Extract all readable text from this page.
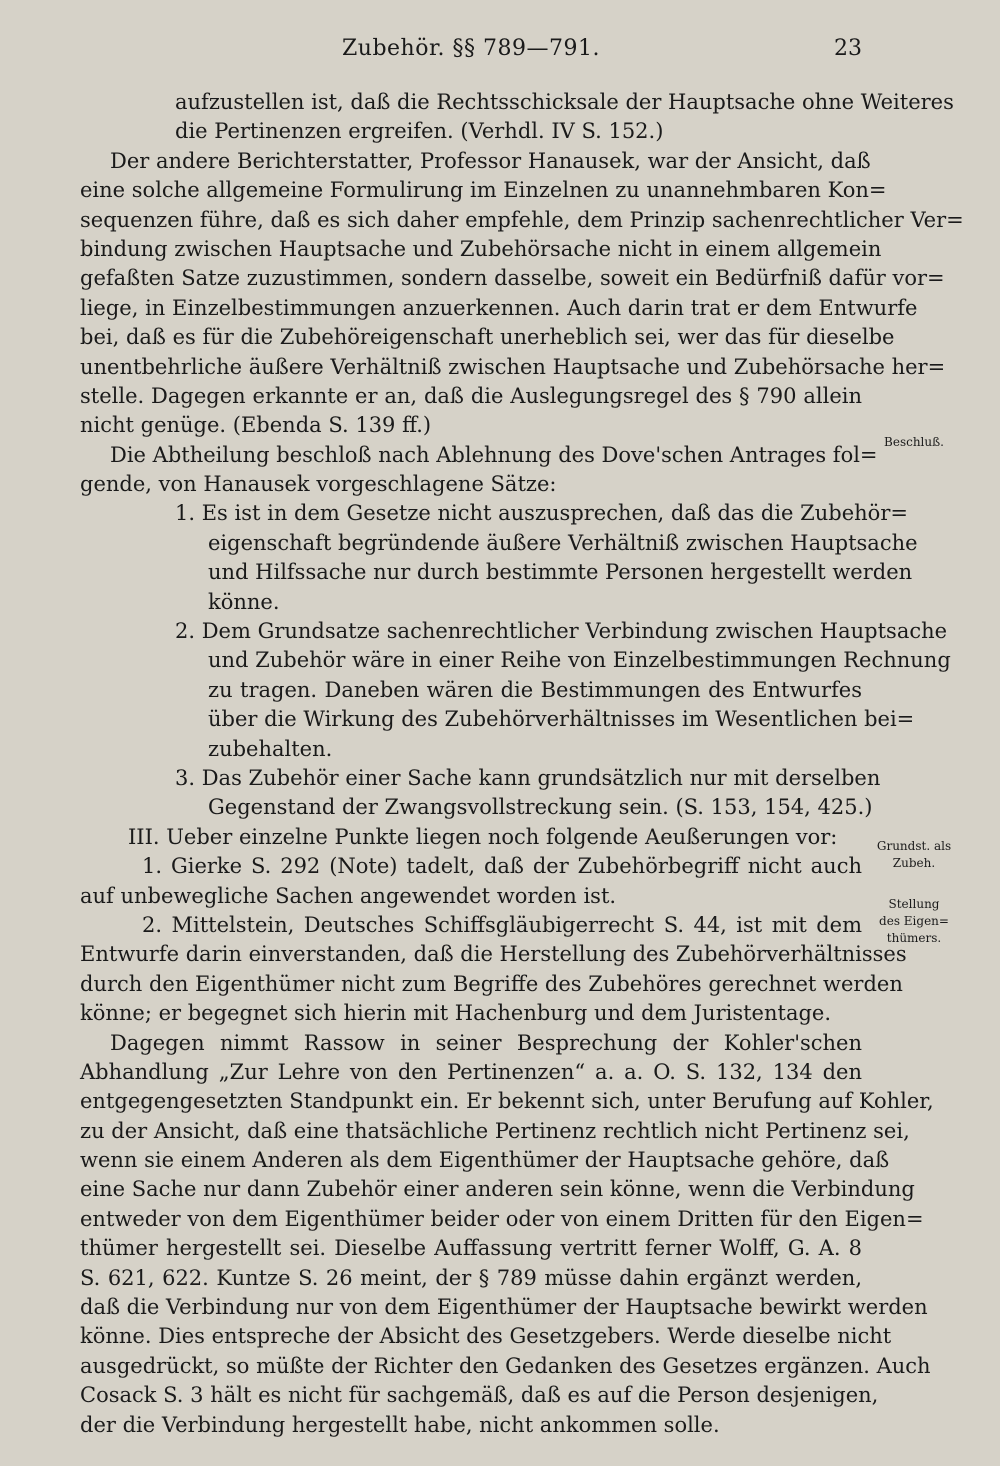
Zubehör. §§ 789—791.	23
aufzustellen ist, daß die Rechtsschicksale der Hauptsache ohne Weiteres
die Pertinenzen ergreifen. (Verhdl. IV S. 152.)
Der andere Berichterstatter, Professor Hanausek, war der Ansicht, daß
eine solche allgemeine Formulirung im Einzelnen zu unannehmbaren Kon=
sequenzen führe, daß es sich daher empfehle, dem Prinzip sachenrechtlicher Ver=
bindung zwischen Hauptsache und Zubehörsache nicht in einem allgemein
gefaßten Satze zuzustimmen, sondern dasselbe, soweit ein Bedürfniß dafür vor=
liege, in Einzelbestimmungen anzuerkennen. Auch darin trat er dem Entwurfe
bei, daß es für die Zubehöreigenschaft unerheblich sei, wer das für dieselbe
unentbehrliche äußere Verhältniß zwischen Hauptsache und Zubehörsache her=
stelle. Dagegen erkannte er an, daß die Auslegungsregel des § 790 allein
nicht genüge. (Ebenda S. 139 ff.)
Die Abtheilung beschloß nach Ablehnung des Dove'schen Antrages fol=
gende, von Hanausek vorgeschlagene Sätze:
1. Es ist in dem Gesetze nicht auszusprechen, daß das die Zubehör=
eigenschaft begründende äußere Verhältniß zwischen Hauptsache
und Hilfssache nur durch bestimmte Personen hergestellt werden
könne.
2. Dem Grundsatze sachenrechtlicher Verbindung zwischen Hauptsache
und Zubehör wäre in einer Reihe von Einzelbestimmungen Rechnung
zu tragen. Daneben wären die Bestimmungen des Entwurfes
über die Wirkung des Zubehörverhältnisses im Wesentlichen bei=
zubehalten.
3. Das Zubehör einer Sache kann grundsätzlich nur mit derselben
Gegenstand der Zwangsvollstreckung sein. (S. 153, 154, 425.)
III. Ueber einzelne Punkte liegen noch folgende Aeußerungen vor:
1. Gierke S. 292 (Note) tadelt, daß der Zubehörbegriff nicht auch
auf unbewegliche Sachen angewendet worden ist.
2. Mittelstein, Deutsches Schiffsgläubigerrecht S. 44, ist mit dem
Entwurfe darin einverstanden, daß die Herstellung des Zubehörverhältnisses
durch den Eigenthümer nicht zum Begriffe des Zubehöres gerechnet werden
könne; er begegnet sich hierin mit Hachenburg und dem Juristentage.
Dagegen nimmt Rassow in seiner Besprechung der Kohler'schen
Abhandlung „Zur Lehre von den Pertinenzen“ a. a. O. S. 132, 134 den
entgegengesetzten Standpunkt ein. Er bekennt sich, unter Berufung auf Kohler,
zu der Ansicht, daß eine thatsächliche Pertinenz rechtlich nicht Pertinenz sei,
wenn sie einem Anderen als dem Eigenthümer der Hauptsache gehöre, daß
eine Sache nur dann Zubehör einer anderen sein könne, wenn die Verbindung
entweder von dem Eigenthümer beider oder von einem Dritten für den Eigen=
thümer hergestellt sei. Dieselbe Auffassung vertritt ferner Wolff, G. A. 8
S. 621, 622. Kuntze S. 26 meint, der § 789 müsse dahin ergänzt werden,
daß die Verbindung nur von dem Eigenthümer der Hauptsache bewirkt werden
könne. Dies entspreche der Absicht des Gesetzgebers. Werde dieselbe nicht
ausgedrückt, so müßte der Richter den Gedanken des Gesetzes ergänzen. Auch
Cosack S. 3 hält es nicht für sachgemäß, daß es auf die Person desjenigen,
der die Verbindung hergestellt habe, nicht ankommen solle.
Beschluß.
Grundst. als
Zubeh.
Stellung
des Eigen=
thümers.
